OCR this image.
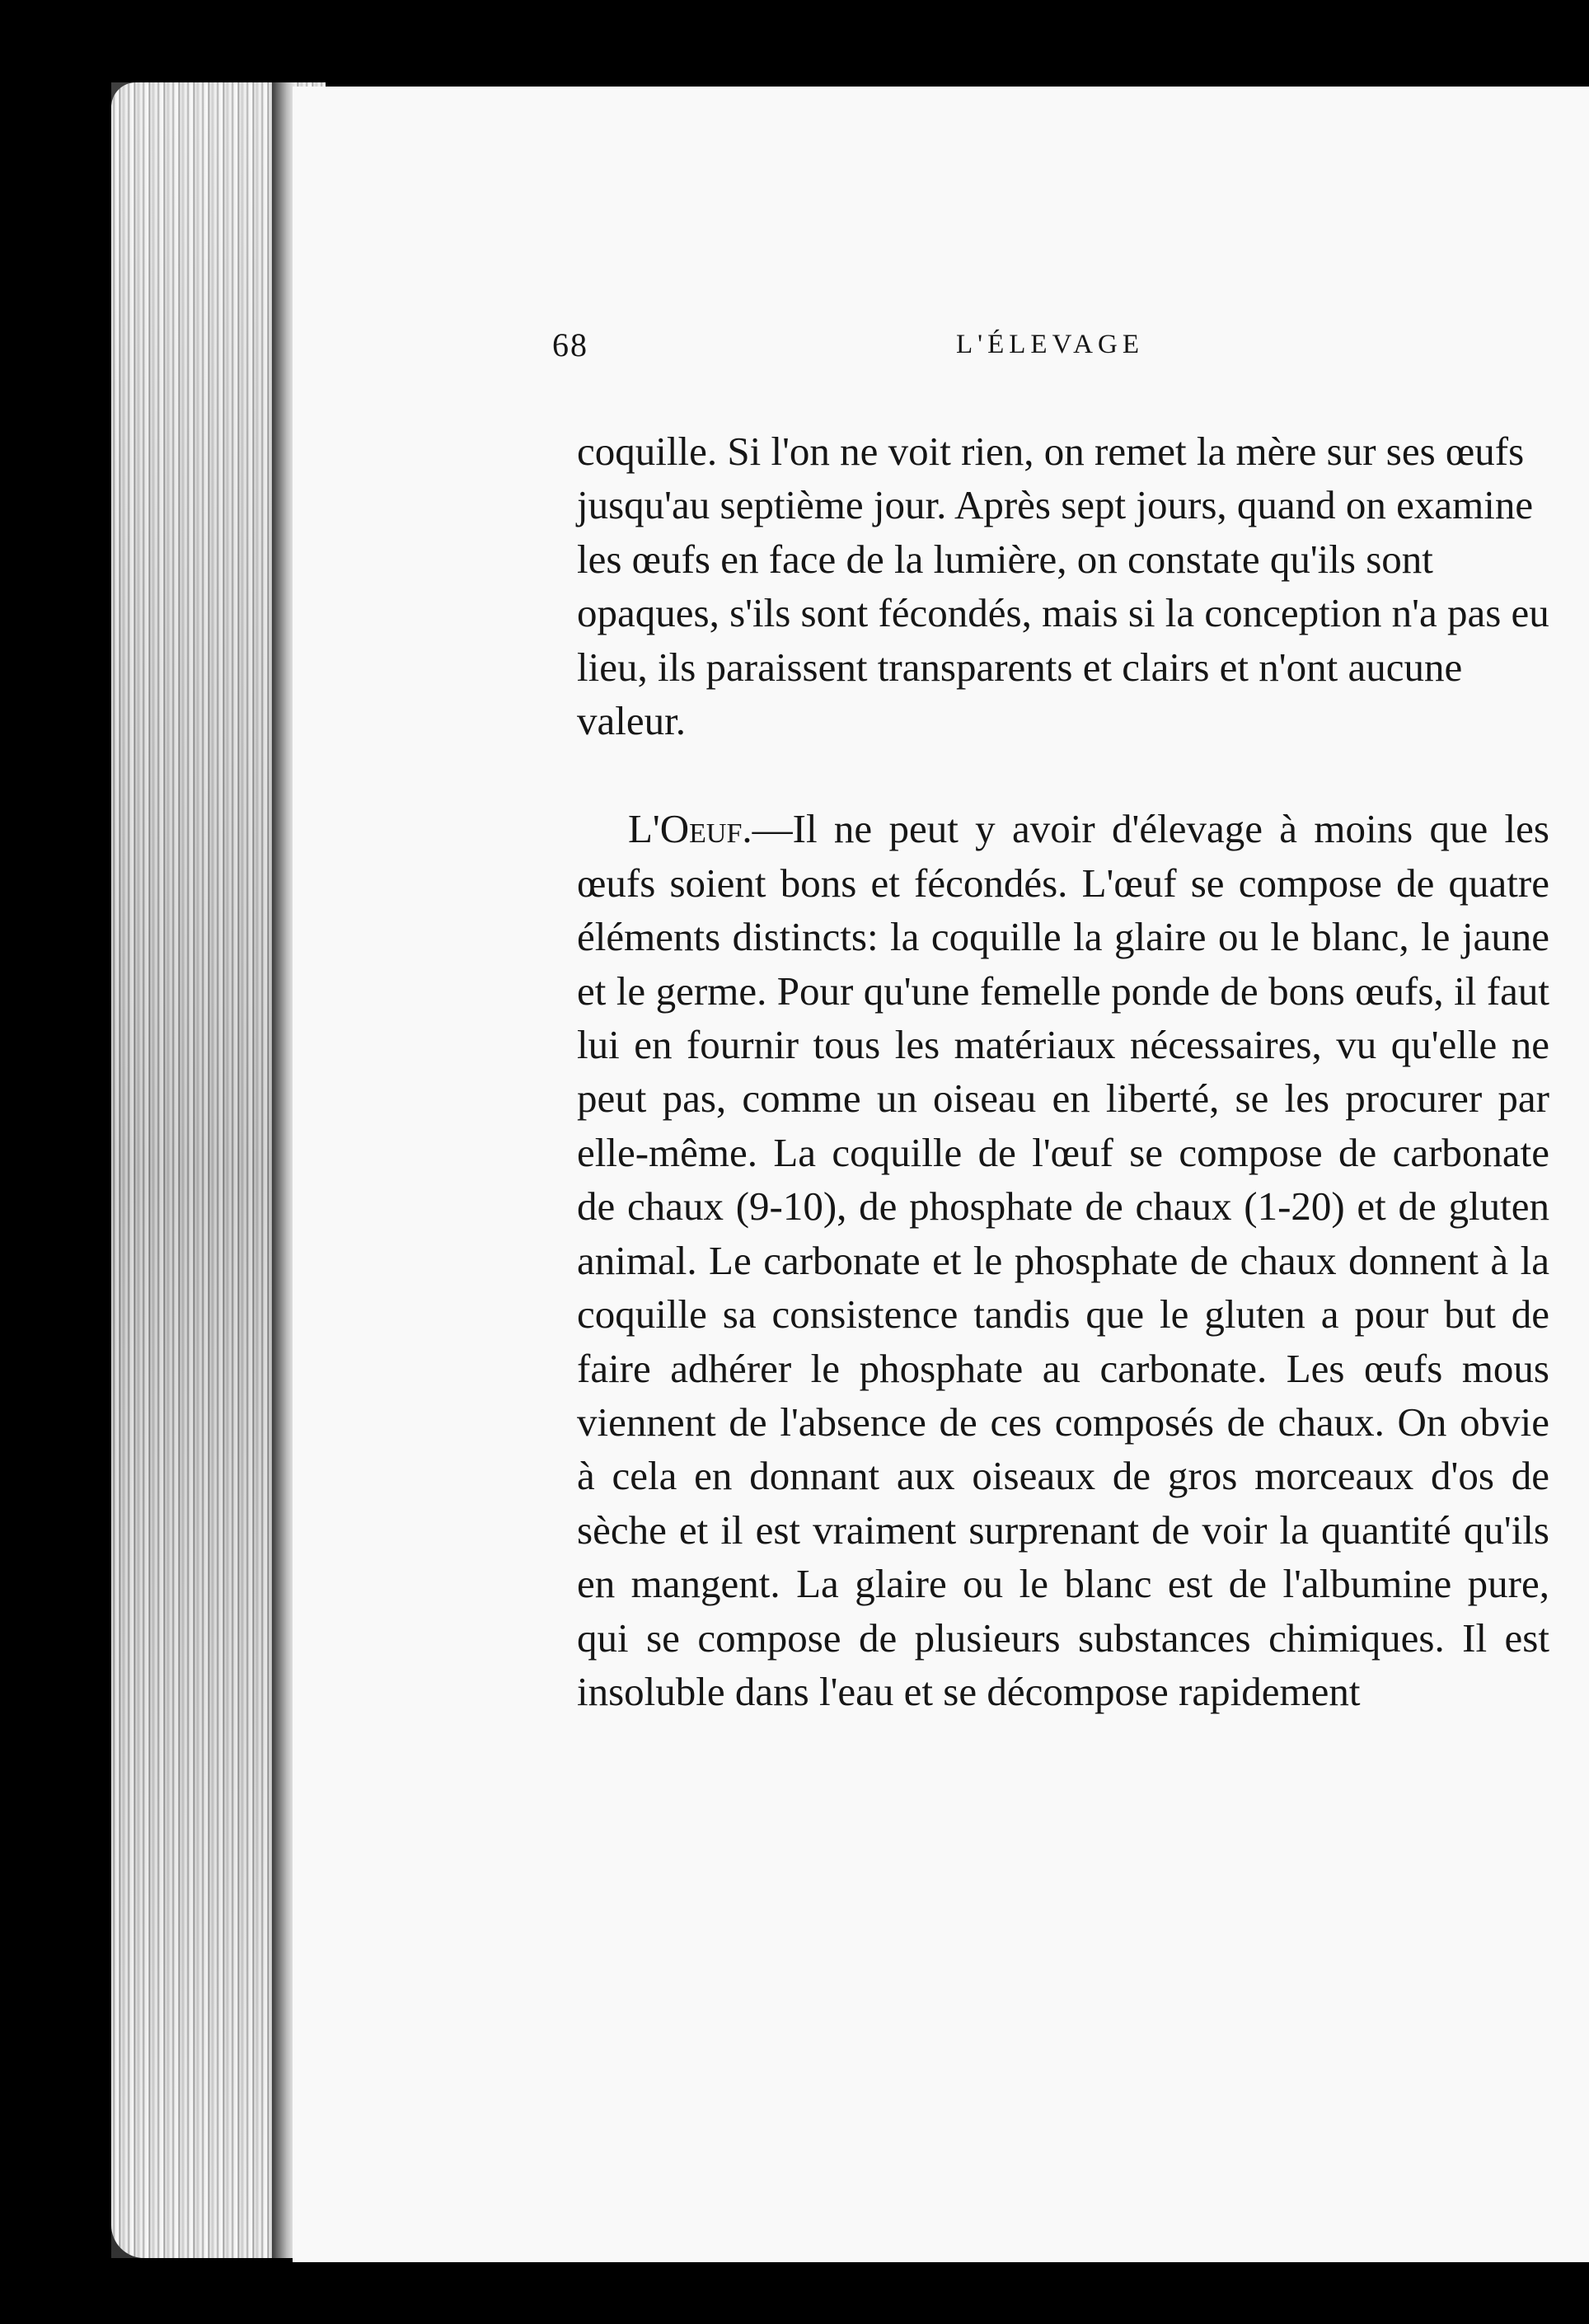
68	L'ÉLEVAGE

coquille. Si l'on ne voit rien, on remet la mère sur ses œufs jusqu'au septième jour. Après sept jours, quand on examine les œufs en face de la lumière, on constate qu'ils sont opaques, s'ils sont fécondés, mais si la conception n'a pas eu lieu, ils paraissent transparents et clairs et n'ont aucune valeur.

L'Oeuf.—Il ne peut y avoir d'élevage à moins que les œufs soient bons et fécondés. L'œuf se compose de quatre éléments distincts: la coquille la glaire ou le blanc, le jaune et le germe. Pour qu'une femelle ponde de bons œufs, il faut lui en fournir tous les matériaux nécessaires, vu qu'elle ne peut pas, comme un oiseau en liberté, se les procurer par elle-même. La coquille de l'œuf se compose de carbonate de chaux (9-10), de phosphate de chaux (1-20) et de gluten animal. Le carbonate et le phosphate de chaux donnent à la coquille sa consistence tandis que le gluten a pour but de faire adhérer le phosphate au carbonate. Les œufs mous viennent de l'absence de ces composés de chaux. On obvie à cela en donnant aux oiseaux de gros morceaux d'os de sèche et il est vraiment surprenant de voir la quantité qu'ils en mangent. La glaire ou le blanc est de l'albumine pure, qui se compose de plusieurs substances chimiques. Il est insoluble dans l'eau et se décompose rapidement
